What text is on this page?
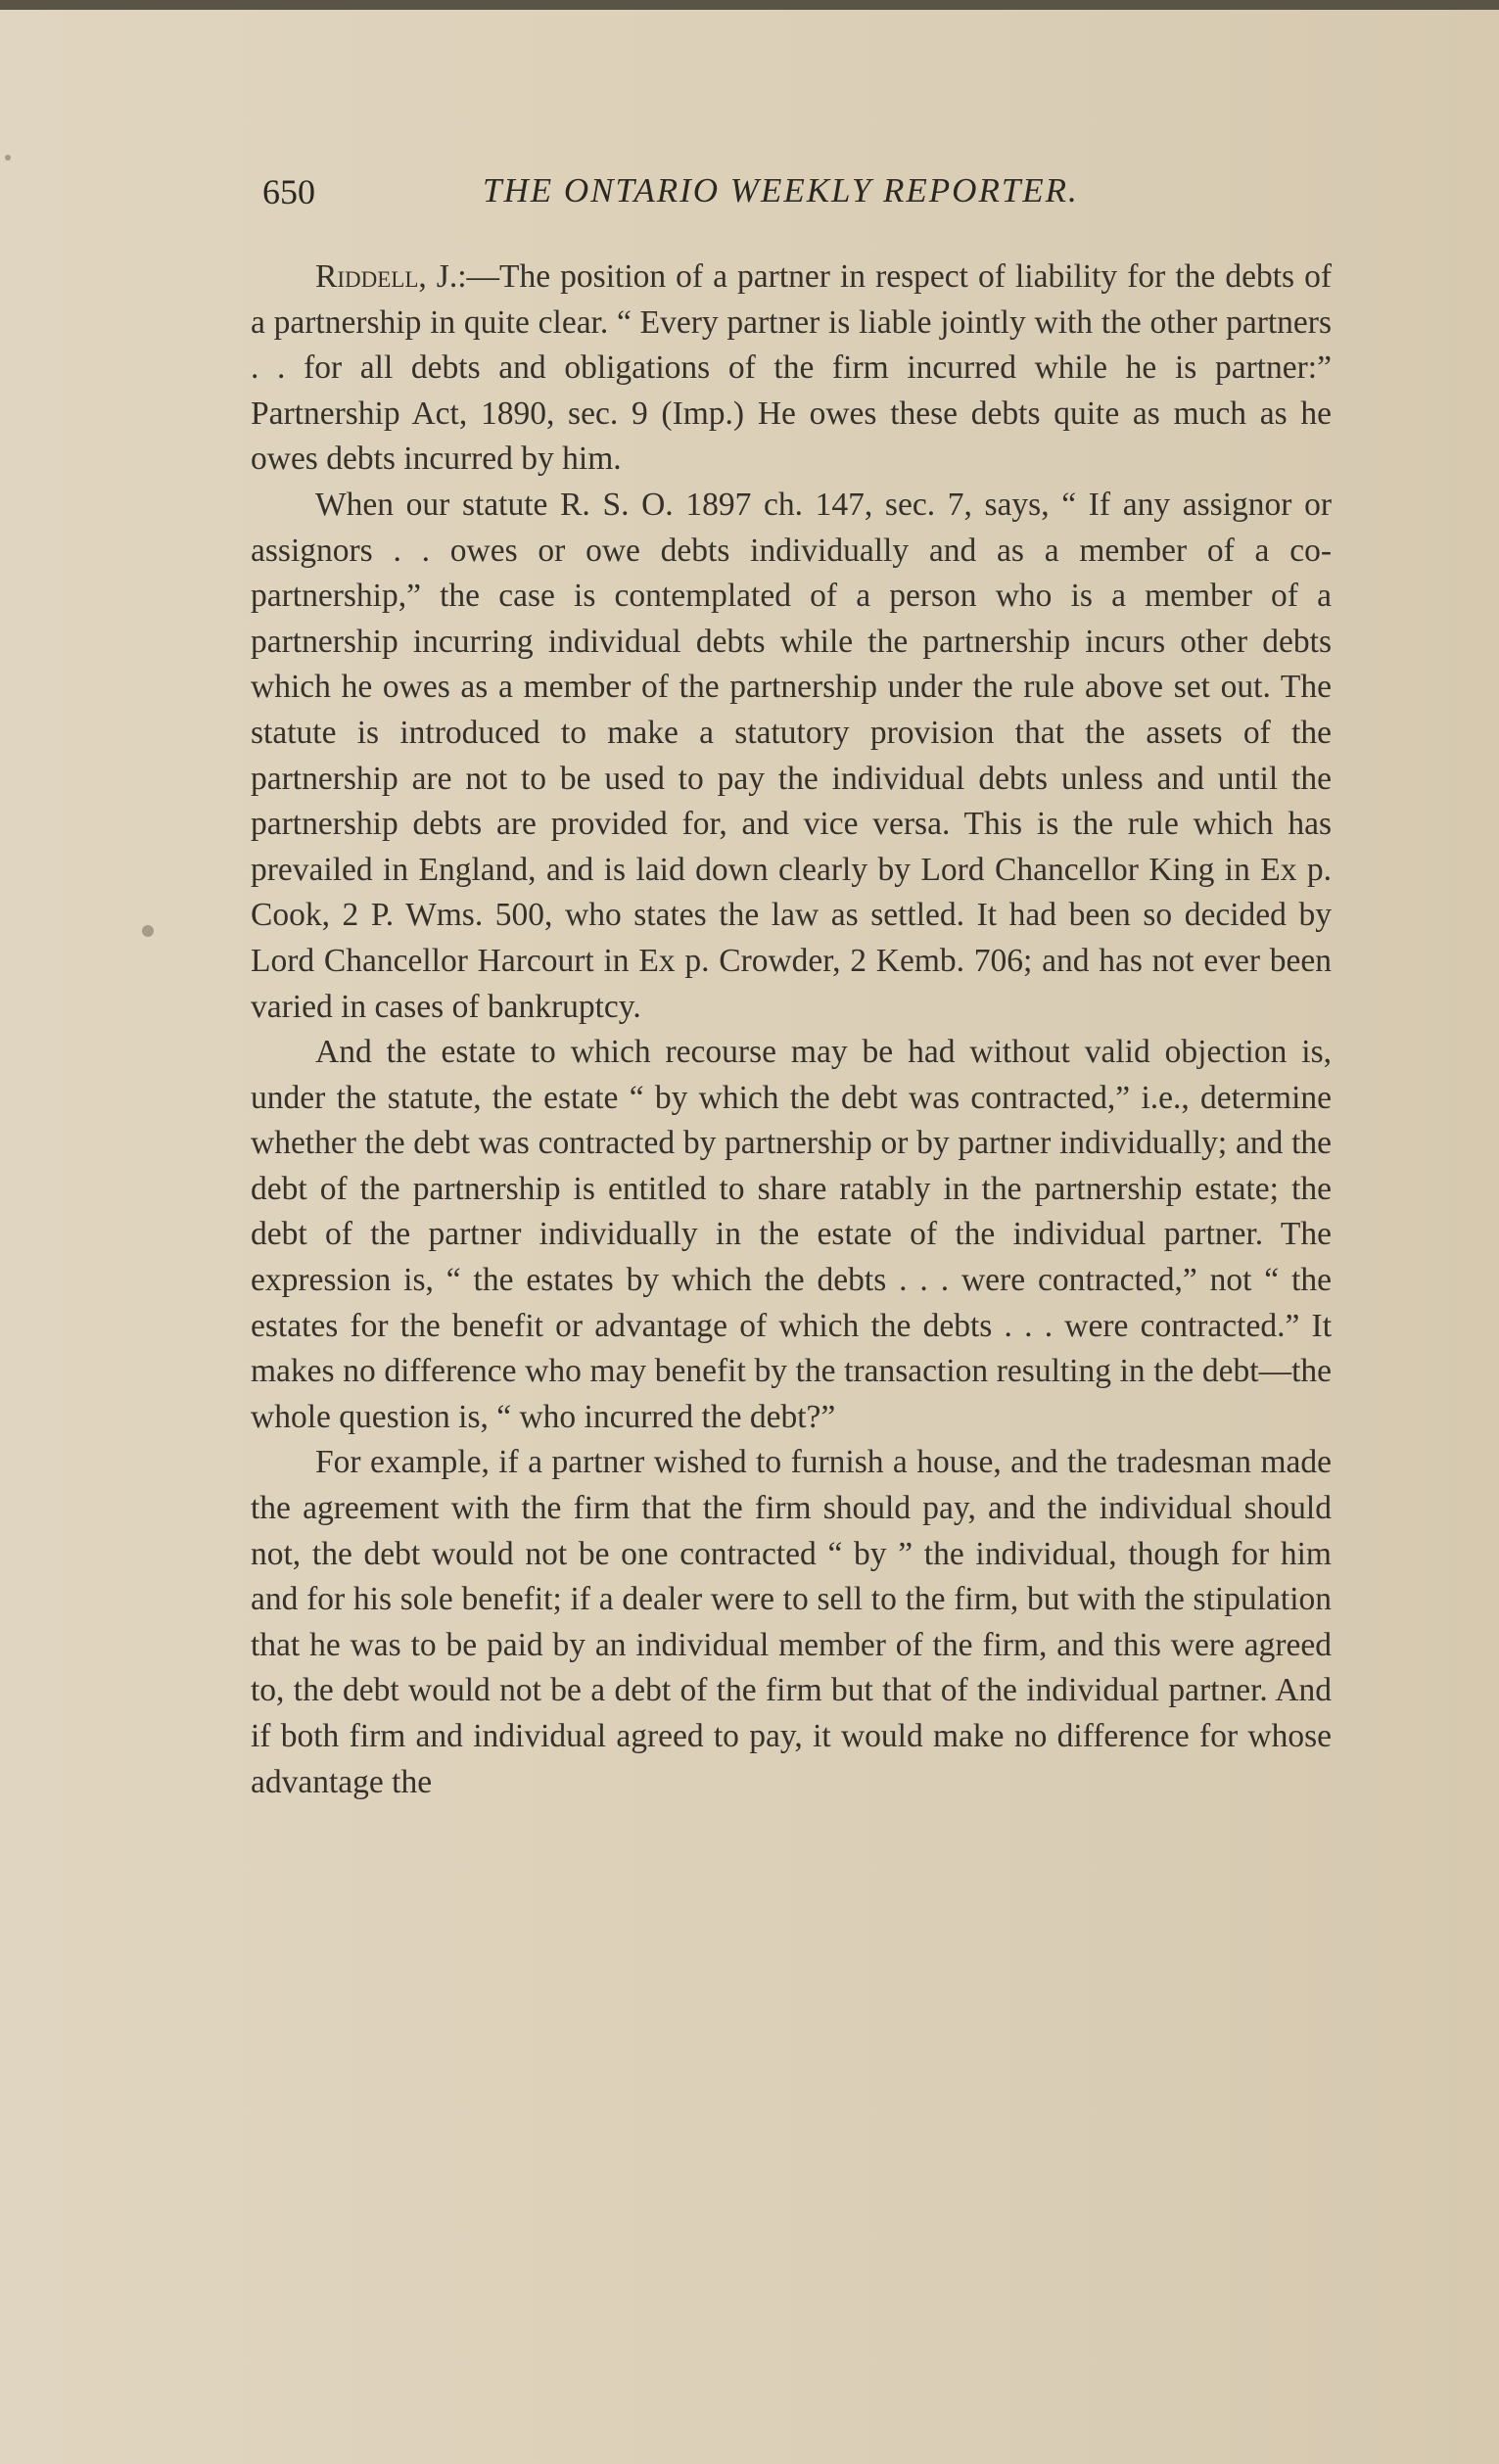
650	THE ONTARIO WEEKLY REPORTER.

Riddell, J.:—The position of a partner in respect of liability for the debts of a partnership in quite clear. “ Every partner is liable jointly with the other partners . . for all debts and obligations of the firm incurred while he is partner:” Partnership Act, 1890, sec. 9 (Imp.) He owes these debts quite as much as he owes debts incurred by him.

When our statute R. S. O. 1897 ch. 147, sec. 7, says, “ If any assignor or assignors . . owes or owe debts individually and as a member of a co-partnership,” the case is contemplated of a person who is a member of a partnership incurring individual debts while the partnership incurs other debts which he owes as a member of the partnership under the rule above set out. The statute is introduced to make a statutory provision that the assets of the partnership are not to be used to pay the individual debts unless and until the partnership debts are provided for, and vice versa. This is the rule which has prevailed in England, and is laid down clearly by Lord Chancellor King in Ex p. Cook, 2 P. Wms. 500, who states the law as settled. It had been so decided by Lord Chancellor Harcourt in Ex p. Crowder, 2 Kemb. 706; and has not ever been varied in cases of bankruptcy.

And the estate to which recourse may be had without valid objection is, under the statute, the estate “ by which the debt was contracted,” i.e., determine whether the debt was contracted by partnership or by partner individually; and the debt of the partnership is entitled to share ratably in the partnership estate; the debt of the partner individually in the estate of the individual partner. The expression is, “ the estates by which the debts . . . were contracted,” not “ the estates for the benefit or advantage of which the debts . . . were contracted.” It makes no difference who may benefit by the transaction resulting in the debt—the whole question is, “ who incurred the debt?”

For example, if a partner wished to furnish a house, and the tradesman made the agreement with the firm that the firm should pay, and the individual should not, the debt would not be one contracted “ by ” the individual, though for him and for his sole benefit; if a dealer were to sell to the firm, but with the stipulation that he was to be paid by an individual member of the firm, and this were agreed to, the debt would not be a debt of the firm but that of the individual partner. And if both firm and individual agreed to pay, it would make no difference for whose advantage the
